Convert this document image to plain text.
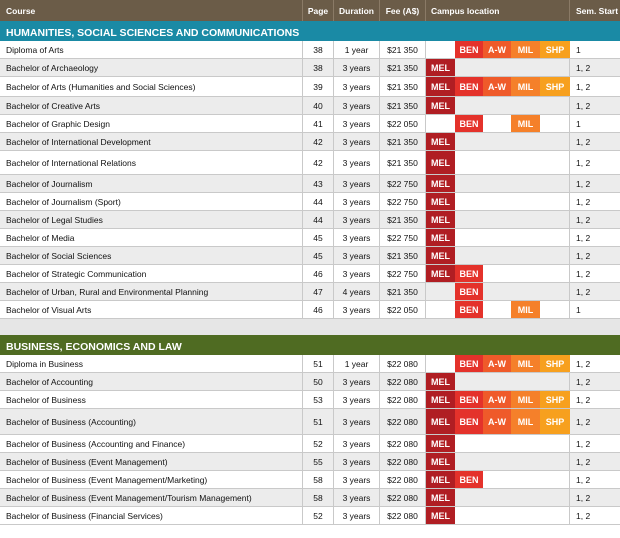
Course	Page	Duration	Fee (A$)	Campus location	Sem. Start
HUMANITIES, SOCIAL SCIENCES AND COMMUNICATIONS
Diploma of Arts	38	1 year	$21 350	BEN	A-W	MIL	SHP	1
Bachelor of Archaeology	38	3 years	$21 350	MEL	1, 2
Bachelor of Arts (Humanities and Social Sciences)	39	3 years	$21 350	MEL	BEN	A-W	MIL	SHP	1, 2
Bachelor of Creative Arts	40	3 years	$21 350	MEL	1, 2
Bachelor of Graphic Design	41	3 years	$22 050	BEN	MIL	1
Bachelor of International Development	42	3 years	$21 350	MEL	1, 2
Bachelor of International Relations	42	3 years	$21 350	MEL	1, 2
Bachelor of Journalism	43	3 years	$22 750	MEL	1, 2
Bachelor of Journalism (Sport)	44	3 years	$22 750	MEL	1, 2
Bachelor of Legal Studies	44	3 years	$21 350	MEL	1, 2
Bachelor of Media	45	3 years	$22 750	MEL	1, 2
Bachelor of Social Sciences	45	3 years	$21 350	MEL	1, 2
Bachelor of Strategic Communication	46	3 years	$22 750	MEL	BEN	1, 2
Bachelor of Urban, Rural and Environmental Planning	47	4 years	$21 350	BEN	1, 2
Bachelor of Visual Arts	46	3 years	$22 050	BEN	MIL	1
BUSINESS, ECONOMICS AND LAW
Diploma in Business	51	1 year	$22 080	BEN	A-W	MIL	SHP	1, 2
Bachelor of Accounting	50	3 years	$22 080	MEL	1, 2
Bachelor of Business	53	3 years	$22 080	MEL	BEN	A-W	MIL	SHP	1, 2
Bachelor of Business (Accounting)	51	3 years	$22 080	MEL	BEN	A-W	MIL	SHP	1, 2
Bachelor of Business (Accounting and Finance)	52	3 years	$22 080	MEL	1, 2
Bachelor of Business (Event Management)	55	3 years	$22 080	MEL	1, 2
Bachelor of Business (Event Management/Marketing)	58	3 years	$22 080	MEL	BEN	1, 2
Bachelor of Business (Event Management/Tourism Management)	58	3 years	$22 080	MEL	1, 2
Bachelor of Business (Financial Services)	52	3 years	$22 080	MEL	1, 2
